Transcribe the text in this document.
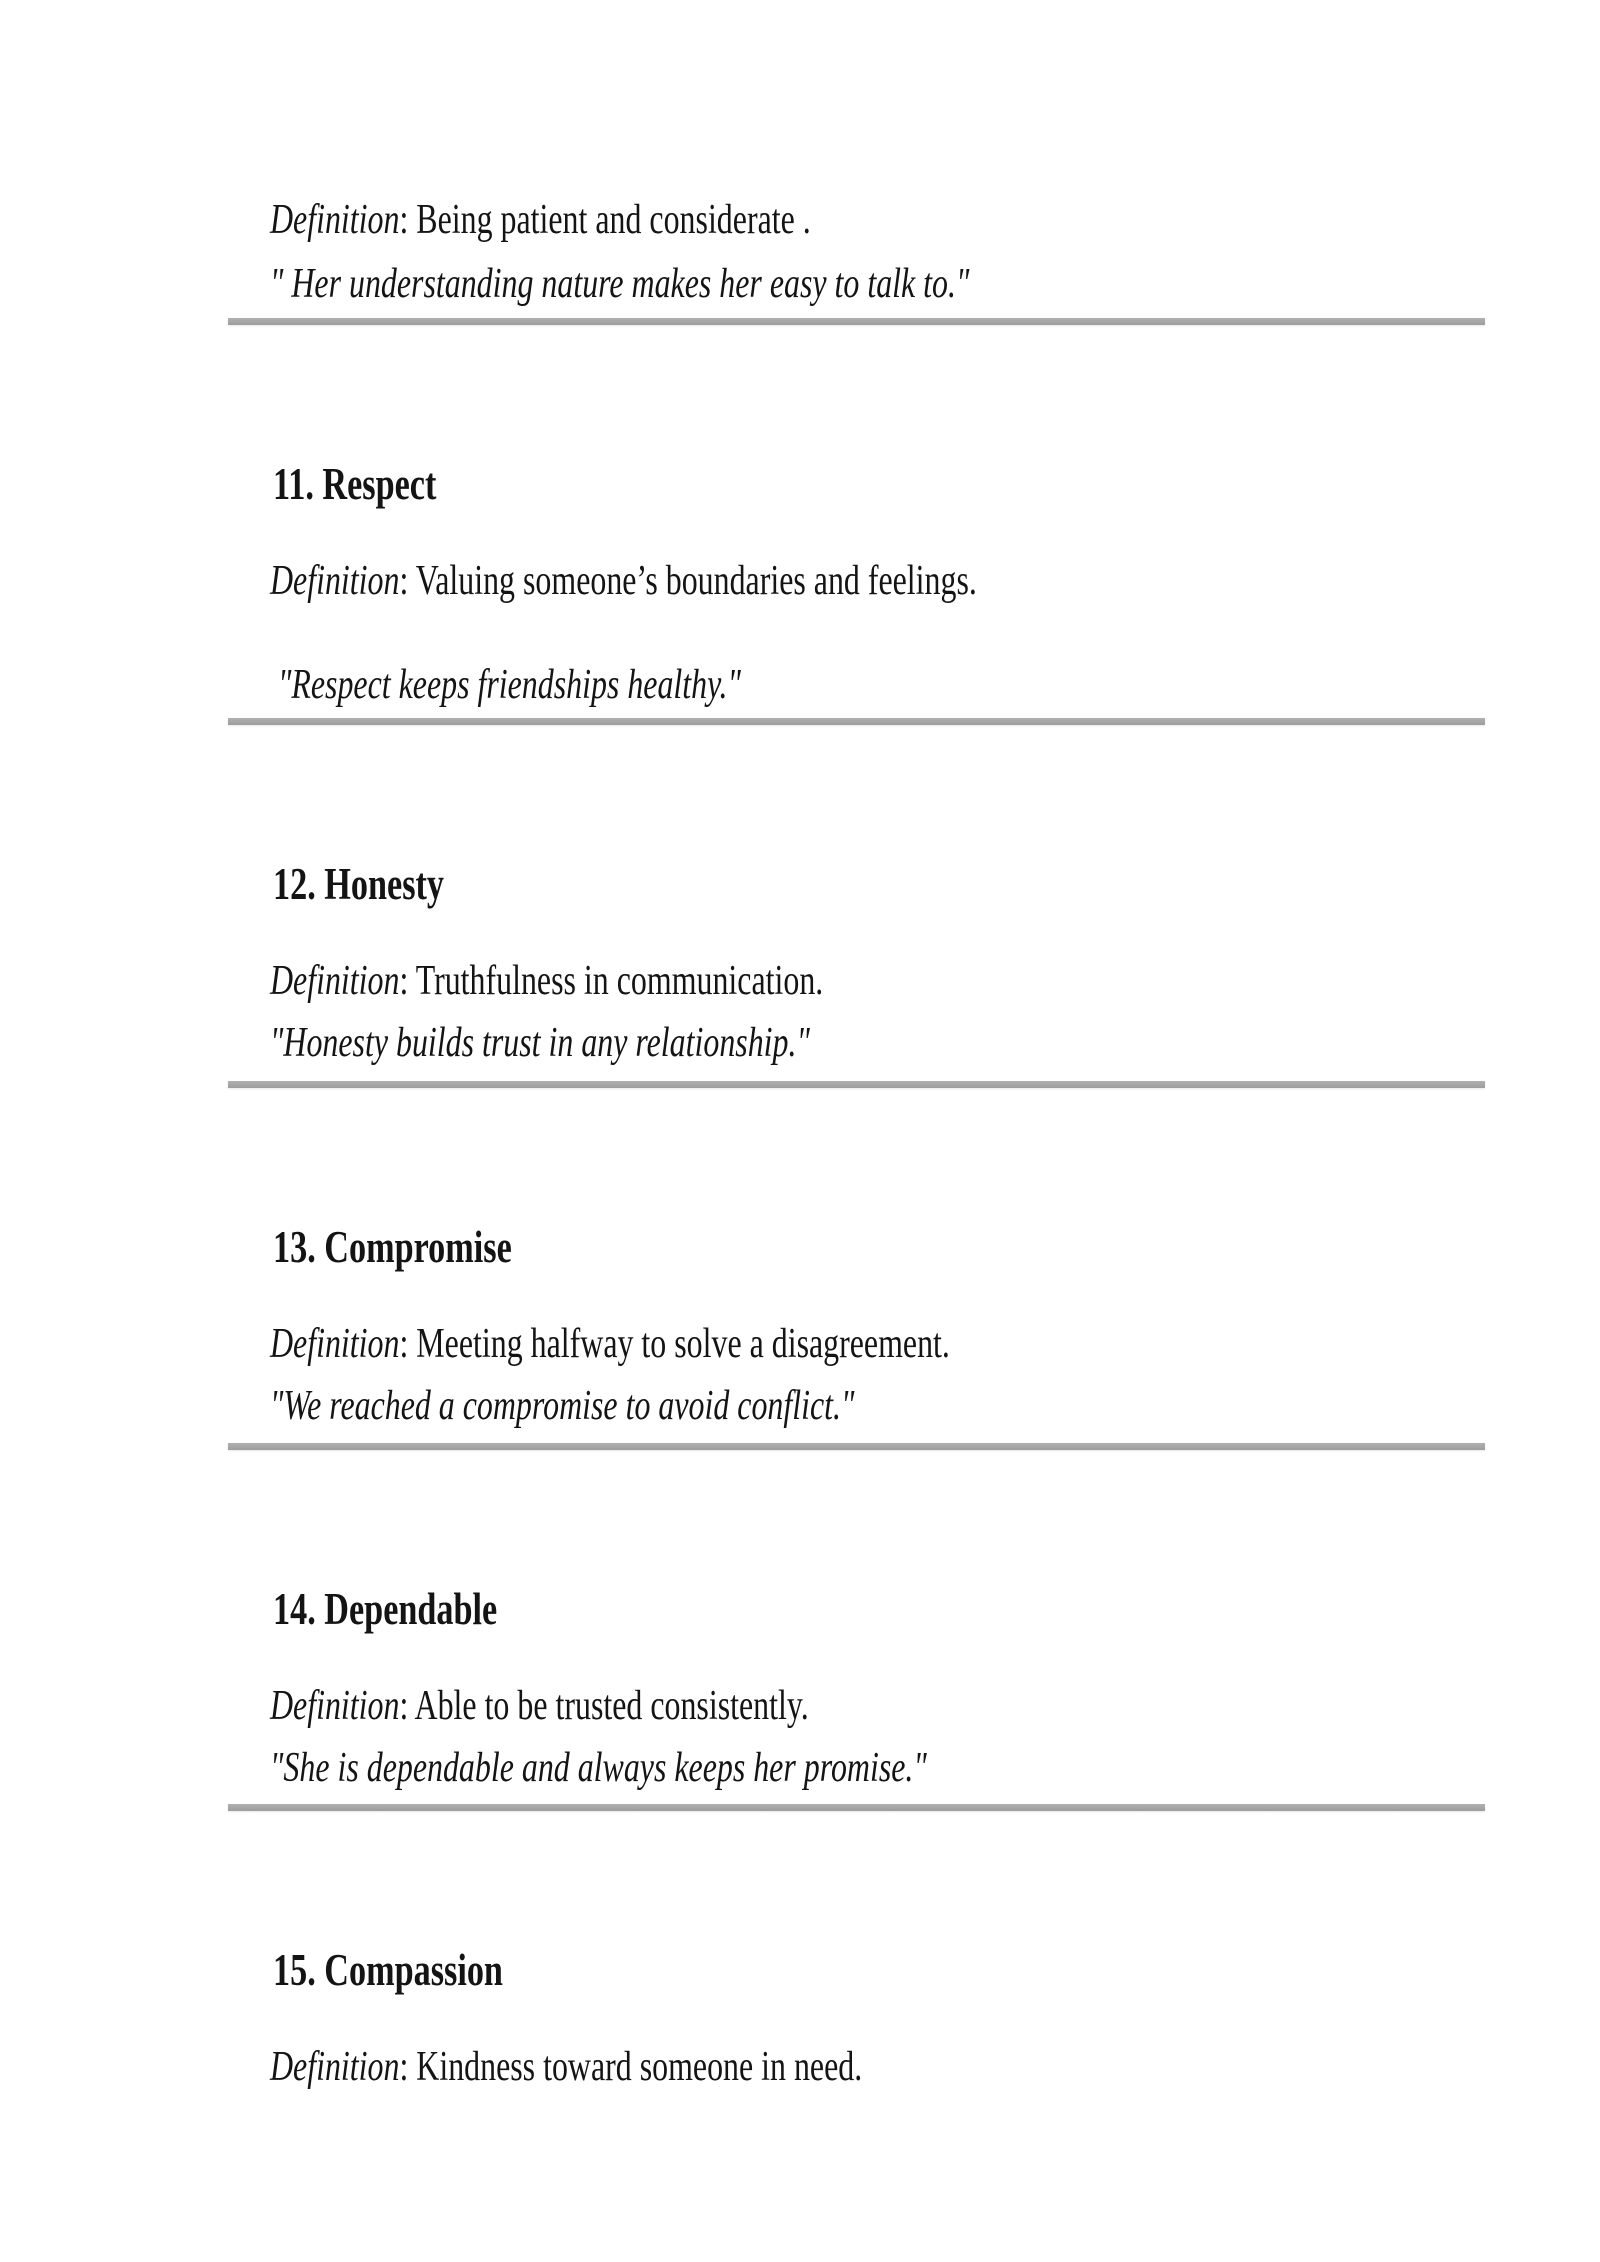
Definition: Being patient and considerate .

" Her understanding nature makes her easy to talk to."

11. Respect

Definition: Valuing someone’s boundaries and feelings.

"Respect keeps friendships healthy."

12. Honesty

Definition: Truthfulness in communication.

"Honesty builds trust in any relationship."

13. Compromise

Definition: Meeting halfway to solve a disagreement.

"We reached a compromise to avoid conflict."

14. Dependable

Definition: Able to be trusted consistently.

"She is dependable and always keeps her promise."

15. Compassion

Definition: Kindness toward someone in need.
